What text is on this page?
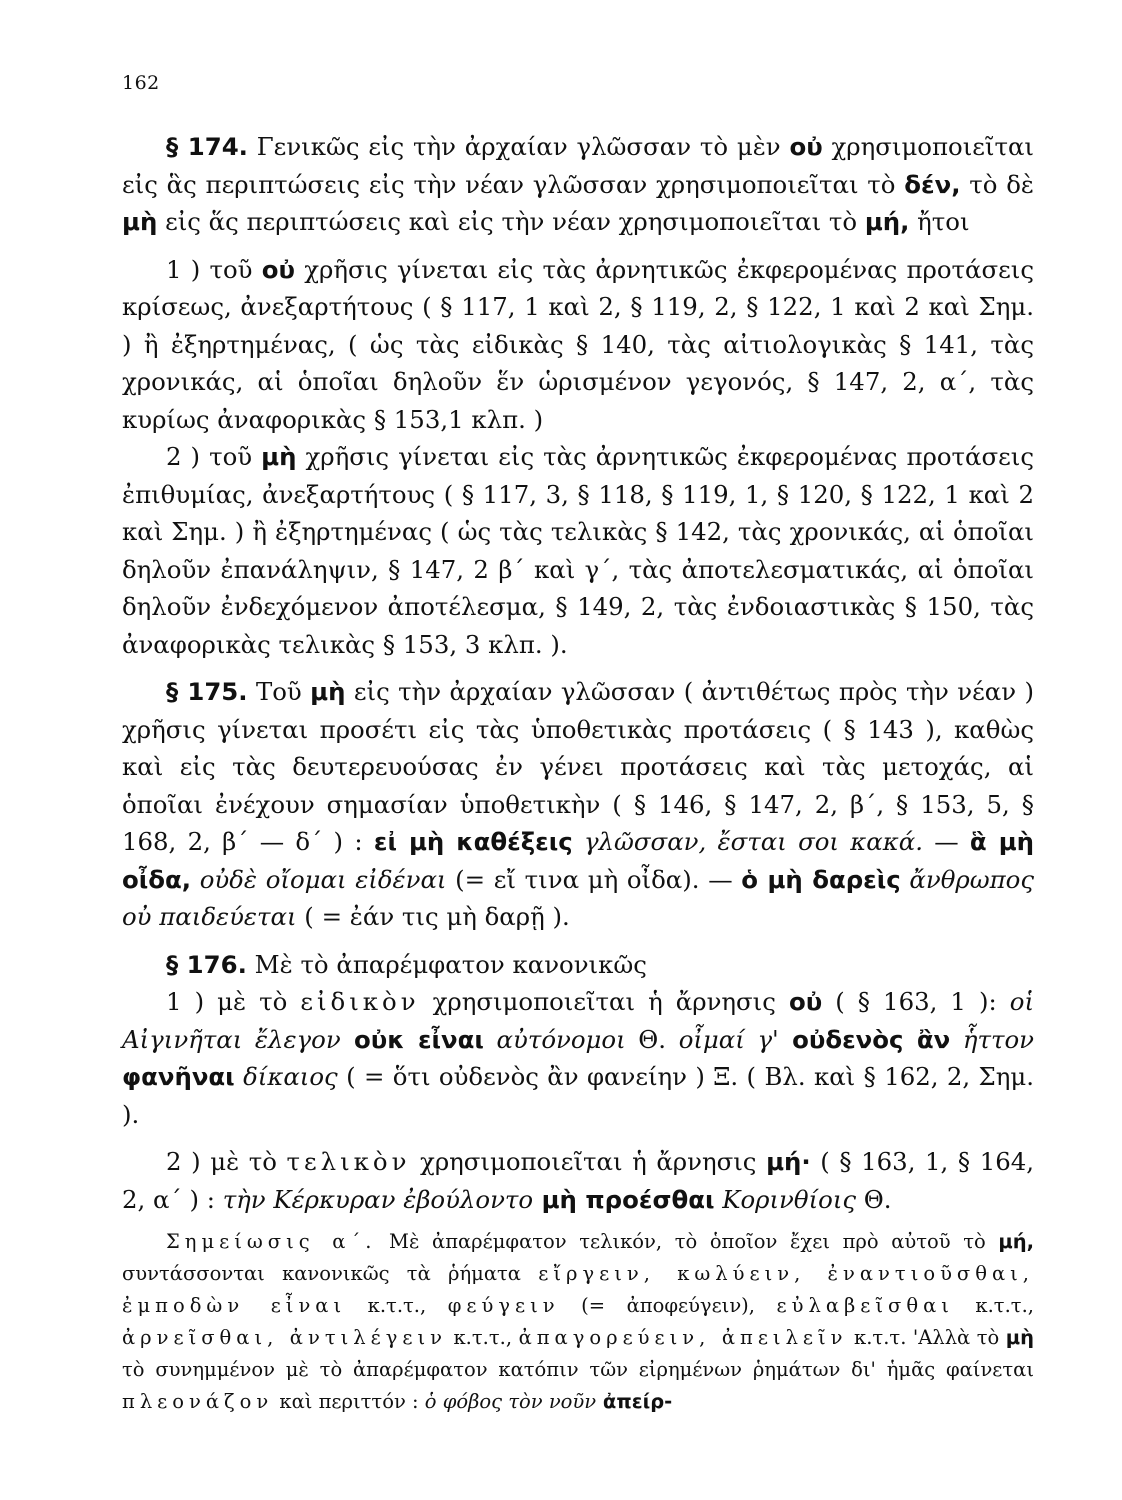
162

§ 174. Γενικῶς εἰς τὴν ἀρχαίαν γλῶσσαν τὸ μὲν οὐ χρησιμοποιεῖται εἰς ἃς περιπτώσεις εἰς τὴν νέαν γλῶσσαν χρησιμοποιεῖται τὸ δέν, τὸ δὲ μὴ εἰς ἅς περιπτώσεις καὶ εἰς τὴν νέαν χρησιμοποιεῖται τὸ μή, ἤτοι

1 ) τοῦ οὐ χρῆσις γίνεται εἰς τὰς ἀρνητικῶς ἐκφερομένας προτάσεις κρίσεως, ἀνεξαρτήτους ( § 117, 1 καὶ 2, § 119, 2, § 122, 1 καὶ 2 καὶ Σημ. ) ἢ ἐξηρτημένας, ( ὡς τὰς εἰδικὰς § 140, τὰς αἰτιολογικὰς § 141, τὰς χρονικάς, αἱ ὁποῖαι δηλοῦν ἕν ὡρισμένον γεγονός, § 147, 2, α΄, τὰς κυρίως ἀναφορικὰς § 153,1 κλπ. )

2 ) τοῦ μὴ χρῆσις γίνεται εἰς τὰς ἀρνητικῶς ἐκφερομένας προτάσεις ἐπιθυμίας, ἀνεξαρτήτους ( § 117, 3, § 118, § 119, 1, § 120, § 122, 1 καὶ 2 καὶ Σημ. ) ἢ ἐξηρτημένας ( ὡς τὰς τελικὰς § 142, τὰς χρονικάς, αἱ ὁποῖαι δηλοῦν ἐπανάληψιν, § 147, 2 β΄ καὶ γ΄, τὰς ἀποτελεσματικάς, αἱ ὁποῖαι δηλοῦν ἐνδεχόμενον ἀποτέλεσμα, § 149, 2, τὰς ἐνδοιαστικὰς § 150, τὰς ἀναφορικὰς τελικὰς § 153, 3 κλπ. ).

§ 175. Τοῦ μὴ εἰς τὴν ἀρχαίαν γλῶσσαν ( ἀντιθέτως πρὸς τὴν νέαν ) χρῆσις γίνεται προσέτι εἰς τὰς ὑποθετικὰς προτάσεις ( § 143 ), καθὼς καὶ εἰς τὰς δευτερευούσας ἐν γένει προτάσεις καὶ τὰς μετοχάς, αἱ ὁποῖαι ἐνέχουν σημασίαν ὑποθετικὴν ( § 146, § 147, 2, β΄, § 153, 5, § 168, 2, β΄ — δ΄ ) : εἰ μὴ καθέξεις γλῶσσαν, ἔσται σοι κακά. — ἃ μὴ οἶδα, οὐδὲ οἴομαι εἰδέναι (= εἴ τινα μὴ οἶδα). — ὁ μὴ δαρεὶς ἄνθρωπος οὐ παιδεύεται ( = ἐάν τις μὴ δαρῇ ).

§ 176. Μὲ τὸ ἀπαρέμφατον κανονικῶς

1 ) μὲ τὸ εἰδικὸν χρησιμοποιεῖται ἡ ἄρνησις οὐ ( § 163, 1 ): οἱ Αἰγινῆται ἔλεγον οὐκ εἶναι αὐτόνομοι Θ. οἶμαί γ' οὐδενὸς ἂν ἧττον φανῆναι δίκαιος ( = ὅτι οὐδενὸς ἂν φανείην ) Ξ. ( Βλ. καὶ § 162, 2, Σημ. ).

2 ) μὲ τὸ τελικὸν χρησιμοποιεῖται ἡ ἄρνησις μή· ( § 163, 1, § 164, 2, α΄ ) : τὴν Κέρκυραν ἐβούλοντο μὴ προέσθαι Κορινθίοις Θ.

Σημείωσις α΄. Μὲ ἀπαρέμφατον τελικόν, τὸ ὁποῖον ἔχει πρὸ αὐτοῦ τὸ μή, συντάσσονται κανονικῶς τὰ ῥήματα εἴργειν, κωλύειν, ἐναντιοῦσθαι, ἐμποδὼν εἶναι κ.τ.τ., φεύγειν (= ἀποφεύγειν), εὐλαβεῖσθαι κ.τ.τ., ἀρνεῖσθαι, ἀντιλέγειν κ.τ.τ., ἀπαγορεύειν, ἀπειλεῖν κ.τ.τ. 'Αλλὰ τὸ μὴ τὸ συνημμένον μὲ τὸ ἀπαρέμφατον κατόπιν τῶν εἰρημένων ῥημάτων δι' ἡμᾶς φαίνεται πλεονάζον καὶ περιττόν : ὁ φόβος τὸν νοῦν ἀπείρ-
